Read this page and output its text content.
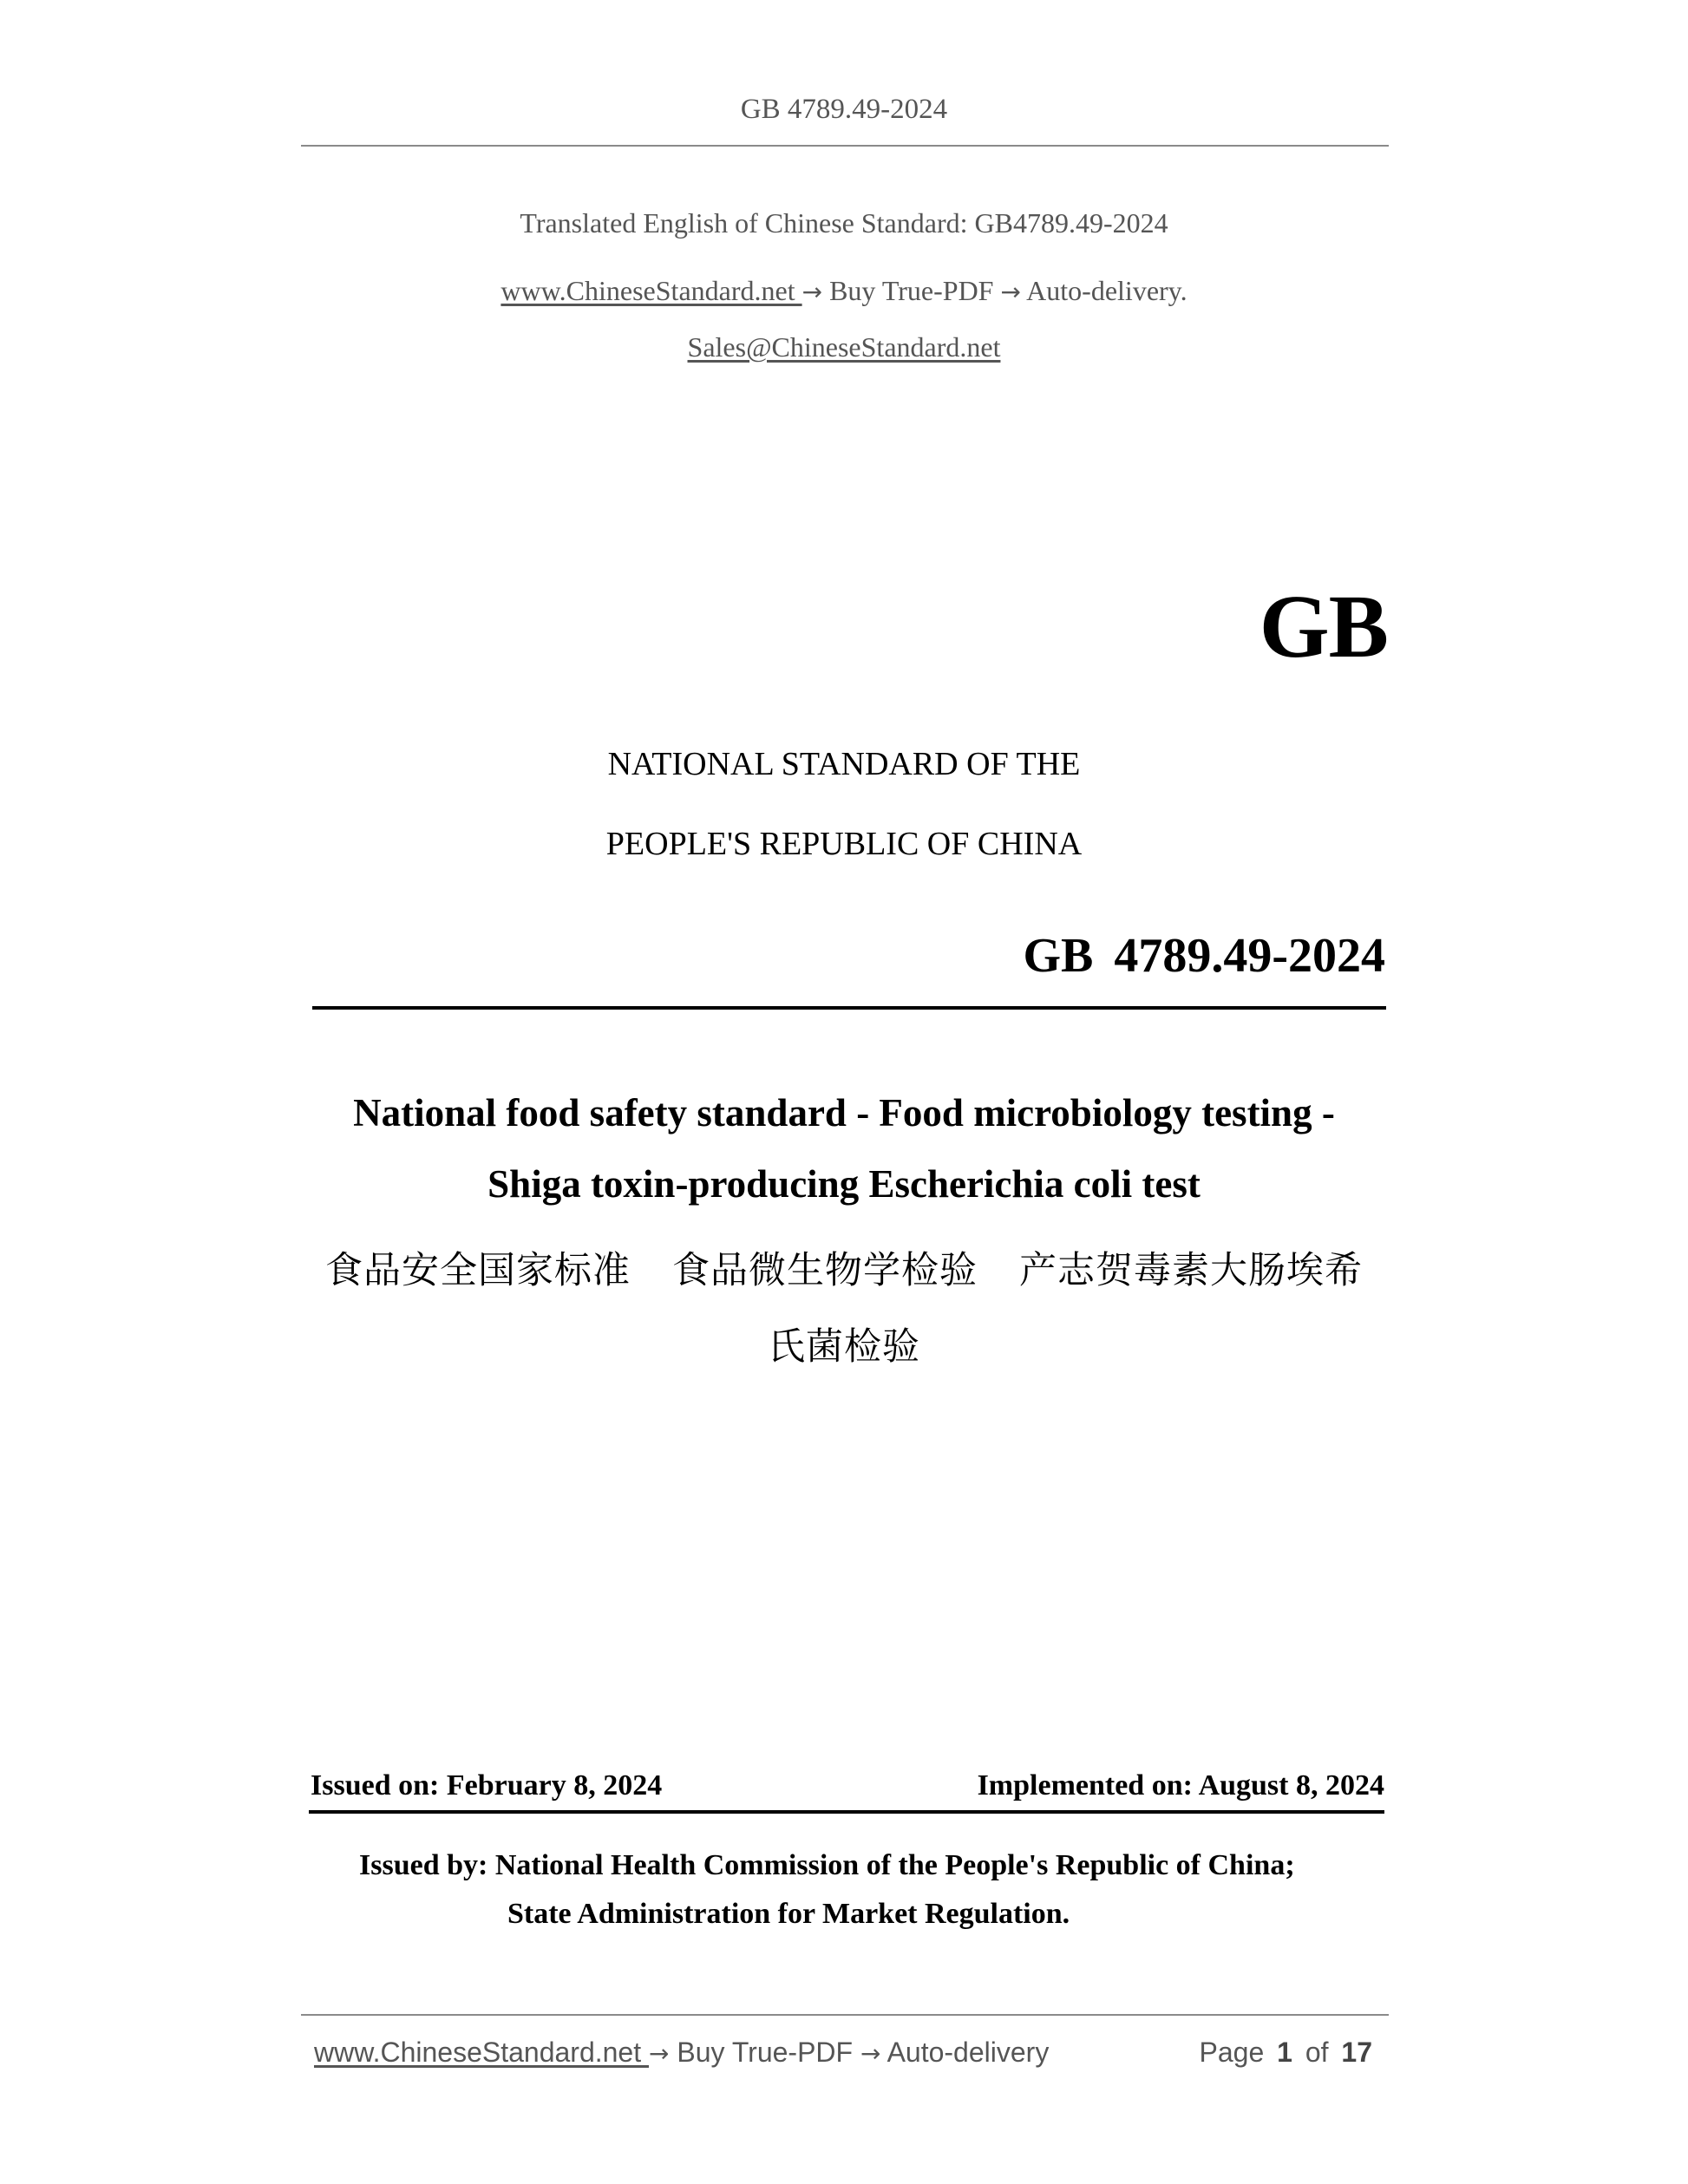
GB 4789.49-2024
Translated English of Chinese Standard: GB4789.49-2024
www.ChineseStandard.net → Buy True-PDF → Auto-delivery.
Sales@ChineseStandard.net
GB
NATIONAL STANDARD OF THE
PEOPLE'S REPUBLIC OF CHINA
GB 4789.49-2024
National food safety standard - Food microbiology testing -
Shiga toxin-producing Escherichia coli test
食品安全国家标准 食品微生物学检验 产志贺毒素大肠埃希
氏菌检验
Issued on: February 8, 2024	Implemented on: August 8, 2024
Issued by: National Health Commission of the People's Republic of China;
State Administration for Market Regulation.
www.ChineseStandard.net → Buy True-PDF → Auto-delivery	Page 1 of 17
